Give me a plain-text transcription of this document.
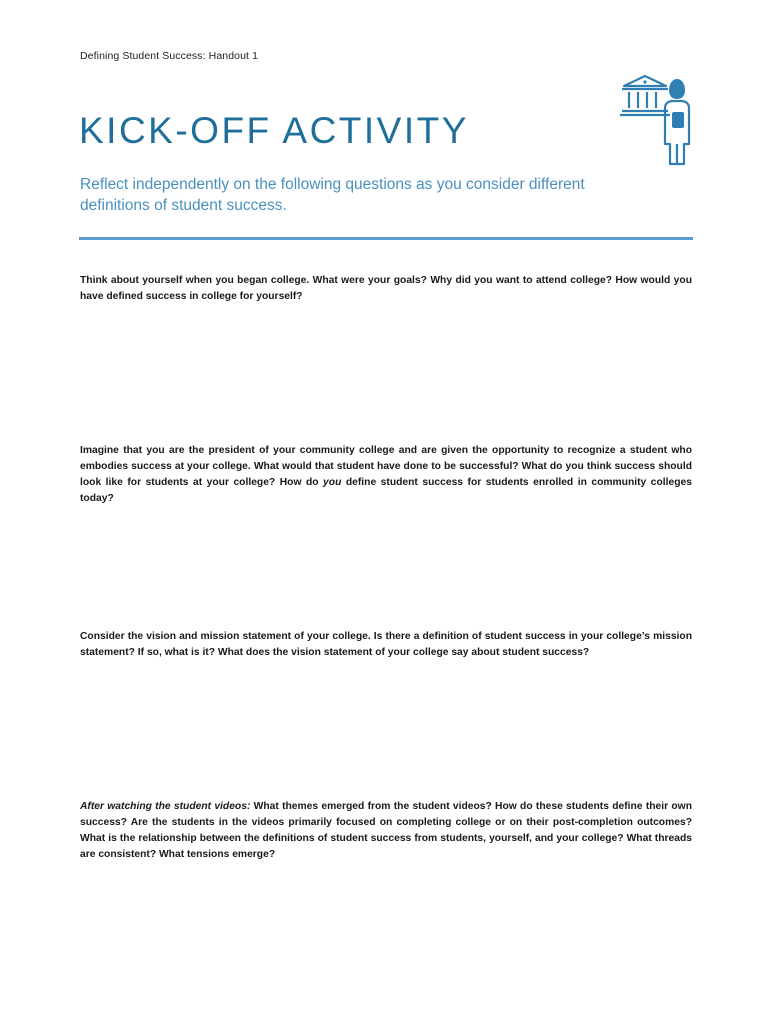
Defining Student Success: Handout 1
KICK-OFF ACTIVITY

Reflect independently on the following questions as you consider different definitions of student success.

Think about yourself when you began college. What were your goals? Why did you want to attend college? How would you have defined success in college for yourself?

Imagine that you are the president of your community college and are given the opportunity to recognize a student who embodies success at your college. What would that student have done to be successful? What do you think success should look like for students at your college? How do you define student success for students enrolled in community colleges today?

Consider the vision and mission statement of your college. Is there a definition of student success in your college’s mission statement? If so, what is it? What does the vision statement of your college say about student success?

After watching the student videos: What themes emerged from the student videos? How do these students define their own success? Are the students in the videos primarily focused on completing college or on their post-completion outcomes? What is the relationship between the definitions of student success from students, yourself, and your college? What threads are consistent? What tensions emerge?
